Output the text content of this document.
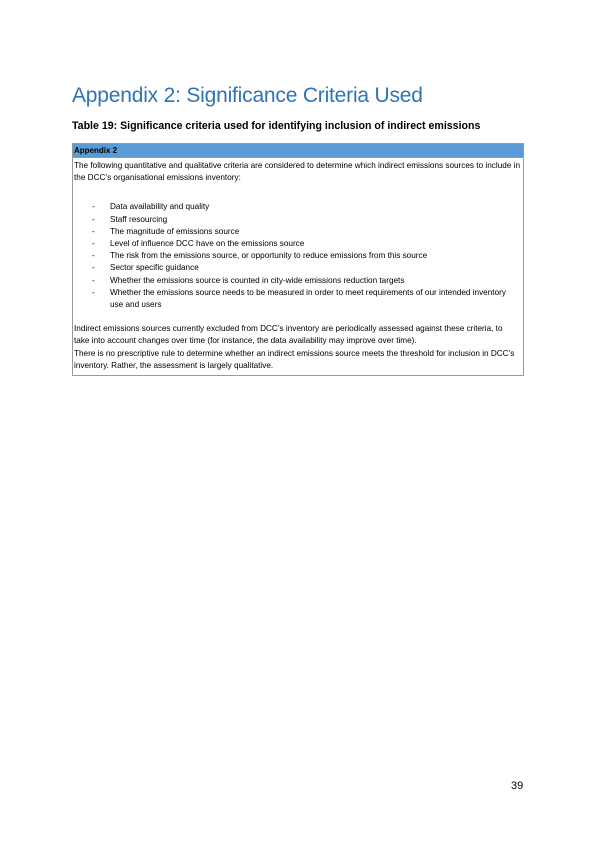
Appendix 2: Significance Criteria Used

Table 19: Significance criteria used for identifying inclusion of indirect emissions

Appendix 2

The following quantitative and qualitative criteria are considered to determine which indirect emissions sources to include in the DCC’s organisational emissions inventory:

-	Data availability and quality
-	Staff resourcing
-	The magnitude of emissions source
-	Level of influence DCC have on the emissions source
-	The risk from the emissions source, or opportunity to reduce emissions from this source
-	Sector specific guidance
-	Whether the emissions source is counted in city-wide emissions reduction targets
-	Whether the emissions source needs to be measured in order to meet requirements of our intended inventory use and users

Indirect emissions sources currently excluded from DCC’s inventory are periodically assessed against these criteria, to take into account changes over time (for instance, the data availability may improve over time).

There is no prescriptive rule to determine whether an indirect emissions source meets the threshold for inclusion in DCC’s inventory. Rather, the assessment is largely qualitative.

39
